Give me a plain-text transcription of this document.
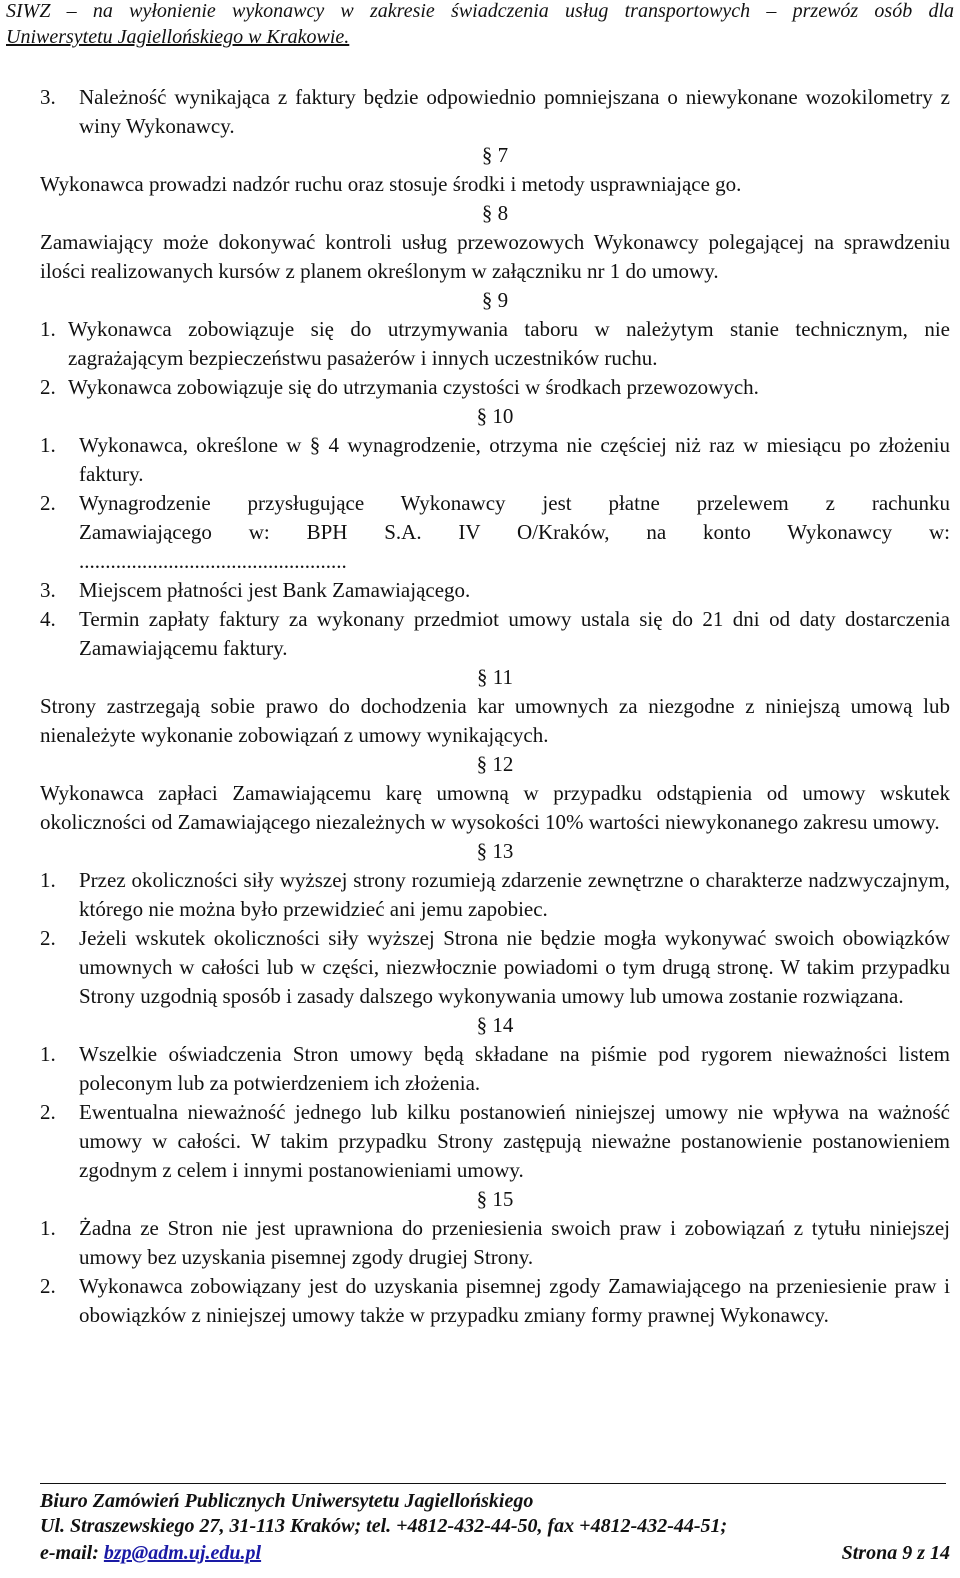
SIWZ – na wyłonienie wykonawcy w zakresie świadczenia usług transportowych – przewóz osób dla
Uniwersytetu Jagiellońskiego w Krakowie.
3.	Należność wynikająca z faktury będzie odpowiednio pomniejszana o niewykonane wozokilometry z winy Wykonawcy.

§ 7

Wykonawca prowadzi nadzór ruchu oraz stosuje środki i metody usprawniające go.

§ 8

Zamawiający może dokonywać kontroli usług przewozowych Wykonawcy polegającej na sprawdzeniu ilości realizowanych kursów z planem określonym w załączniku nr 1 do umowy.

§ 9

1. Wykonawca zobowiązuje się do utrzymywania taboru w należytym stanie technicznym, nie zagrażającym bezpieczeństwu pasażerów i innych uczestników ruchu.
2. Wykonawca zobowiązuje się do utrzymania czystości w środkach przewozowych.

§ 10

1.	Wykonawca, określone w § 4 wynagrodzenie, otrzyma nie częściej niż raz w miesiącu po złożeniu faktury.
2.	Wynagrodzenie przysługujące Wykonawcy jest płatne przelewem z rachunku
Zamawiającego w: BPH S.A. IV O/Kraków, na konto Wykonawcy w:
...................................................
3.	Miejscem płatności jest Bank Zamawiającego.
4.	Termin zapłaty faktury za wykonany przedmiot umowy ustala się do 21 dni od daty dostarczenia Zamawiającemu faktury.

§ 11

Strony zastrzegają sobie prawo do dochodzenia kar umownych za niezgodne z niniejszą umową lub nienależyte wykonanie zobowiązań z umowy wynikających.

§ 12

Wykonawca zapłaci Zamawiającemu karę umowną w przypadku odstąpienia od umowy wskutek okoliczności od Zamawiającego niezależnych w wysokości 10% wartości niewykonanego zakresu umowy.

§ 13

1.	Przez okoliczności siły wyższej strony rozumieją zdarzenie zewnętrzne o charakterze nadzwyczajnym, którego nie można było przewidzieć ani jemu zapobiec.
2.	Jeżeli wskutek okoliczności siły wyższej Strona nie będzie mogła wykonywać swoich obowiązków umownych w całości lub w części, niezwłocznie powiadomi o tym drugą stronę. W takim przypadku Strony uzgodnią sposób i zasady dalszego wykonywania umowy lub umowa zostanie rozwiązana.

§ 14

1.	Wszelkie oświadczenia Stron umowy będą składane na piśmie pod rygorem nieważności listem poleconym lub za potwierdzeniem ich złożenia.
2.	Ewentualna nieważność jednego lub kilku postanowień niniejszej umowy nie wpływa na ważność umowy w całości. W takim przypadku Strony zastępują nieważne postanowienie postanowieniem zgodnym z celem i innymi postanowieniami umowy.

§ 15

1.	Żadna ze Stron nie jest uprawniona do przeniesienia swoich praw i zobowiązań z tytułu niniejszej umowy bez uzyskania pisemnej zgody drugiej Strony.
2.	Wykonawca zobowiązany jest do uzyskania pisemnej zgody Zamawiającego na przeniesienie praw i obowiązków z niniejszej umowy także w przypadku zmiany formy prawnej Wykonawcy.
Biuro Zamówień Publicznych Uniwersytetu Jagiellońskiego
Ul. Straszewskiego 27, 31-113 Kraków; tel. +4812-432-44-50, fax +4812-432-44-51;
e-mail: bzp@adm.uj.edu.pl	Strona 9 z 14
